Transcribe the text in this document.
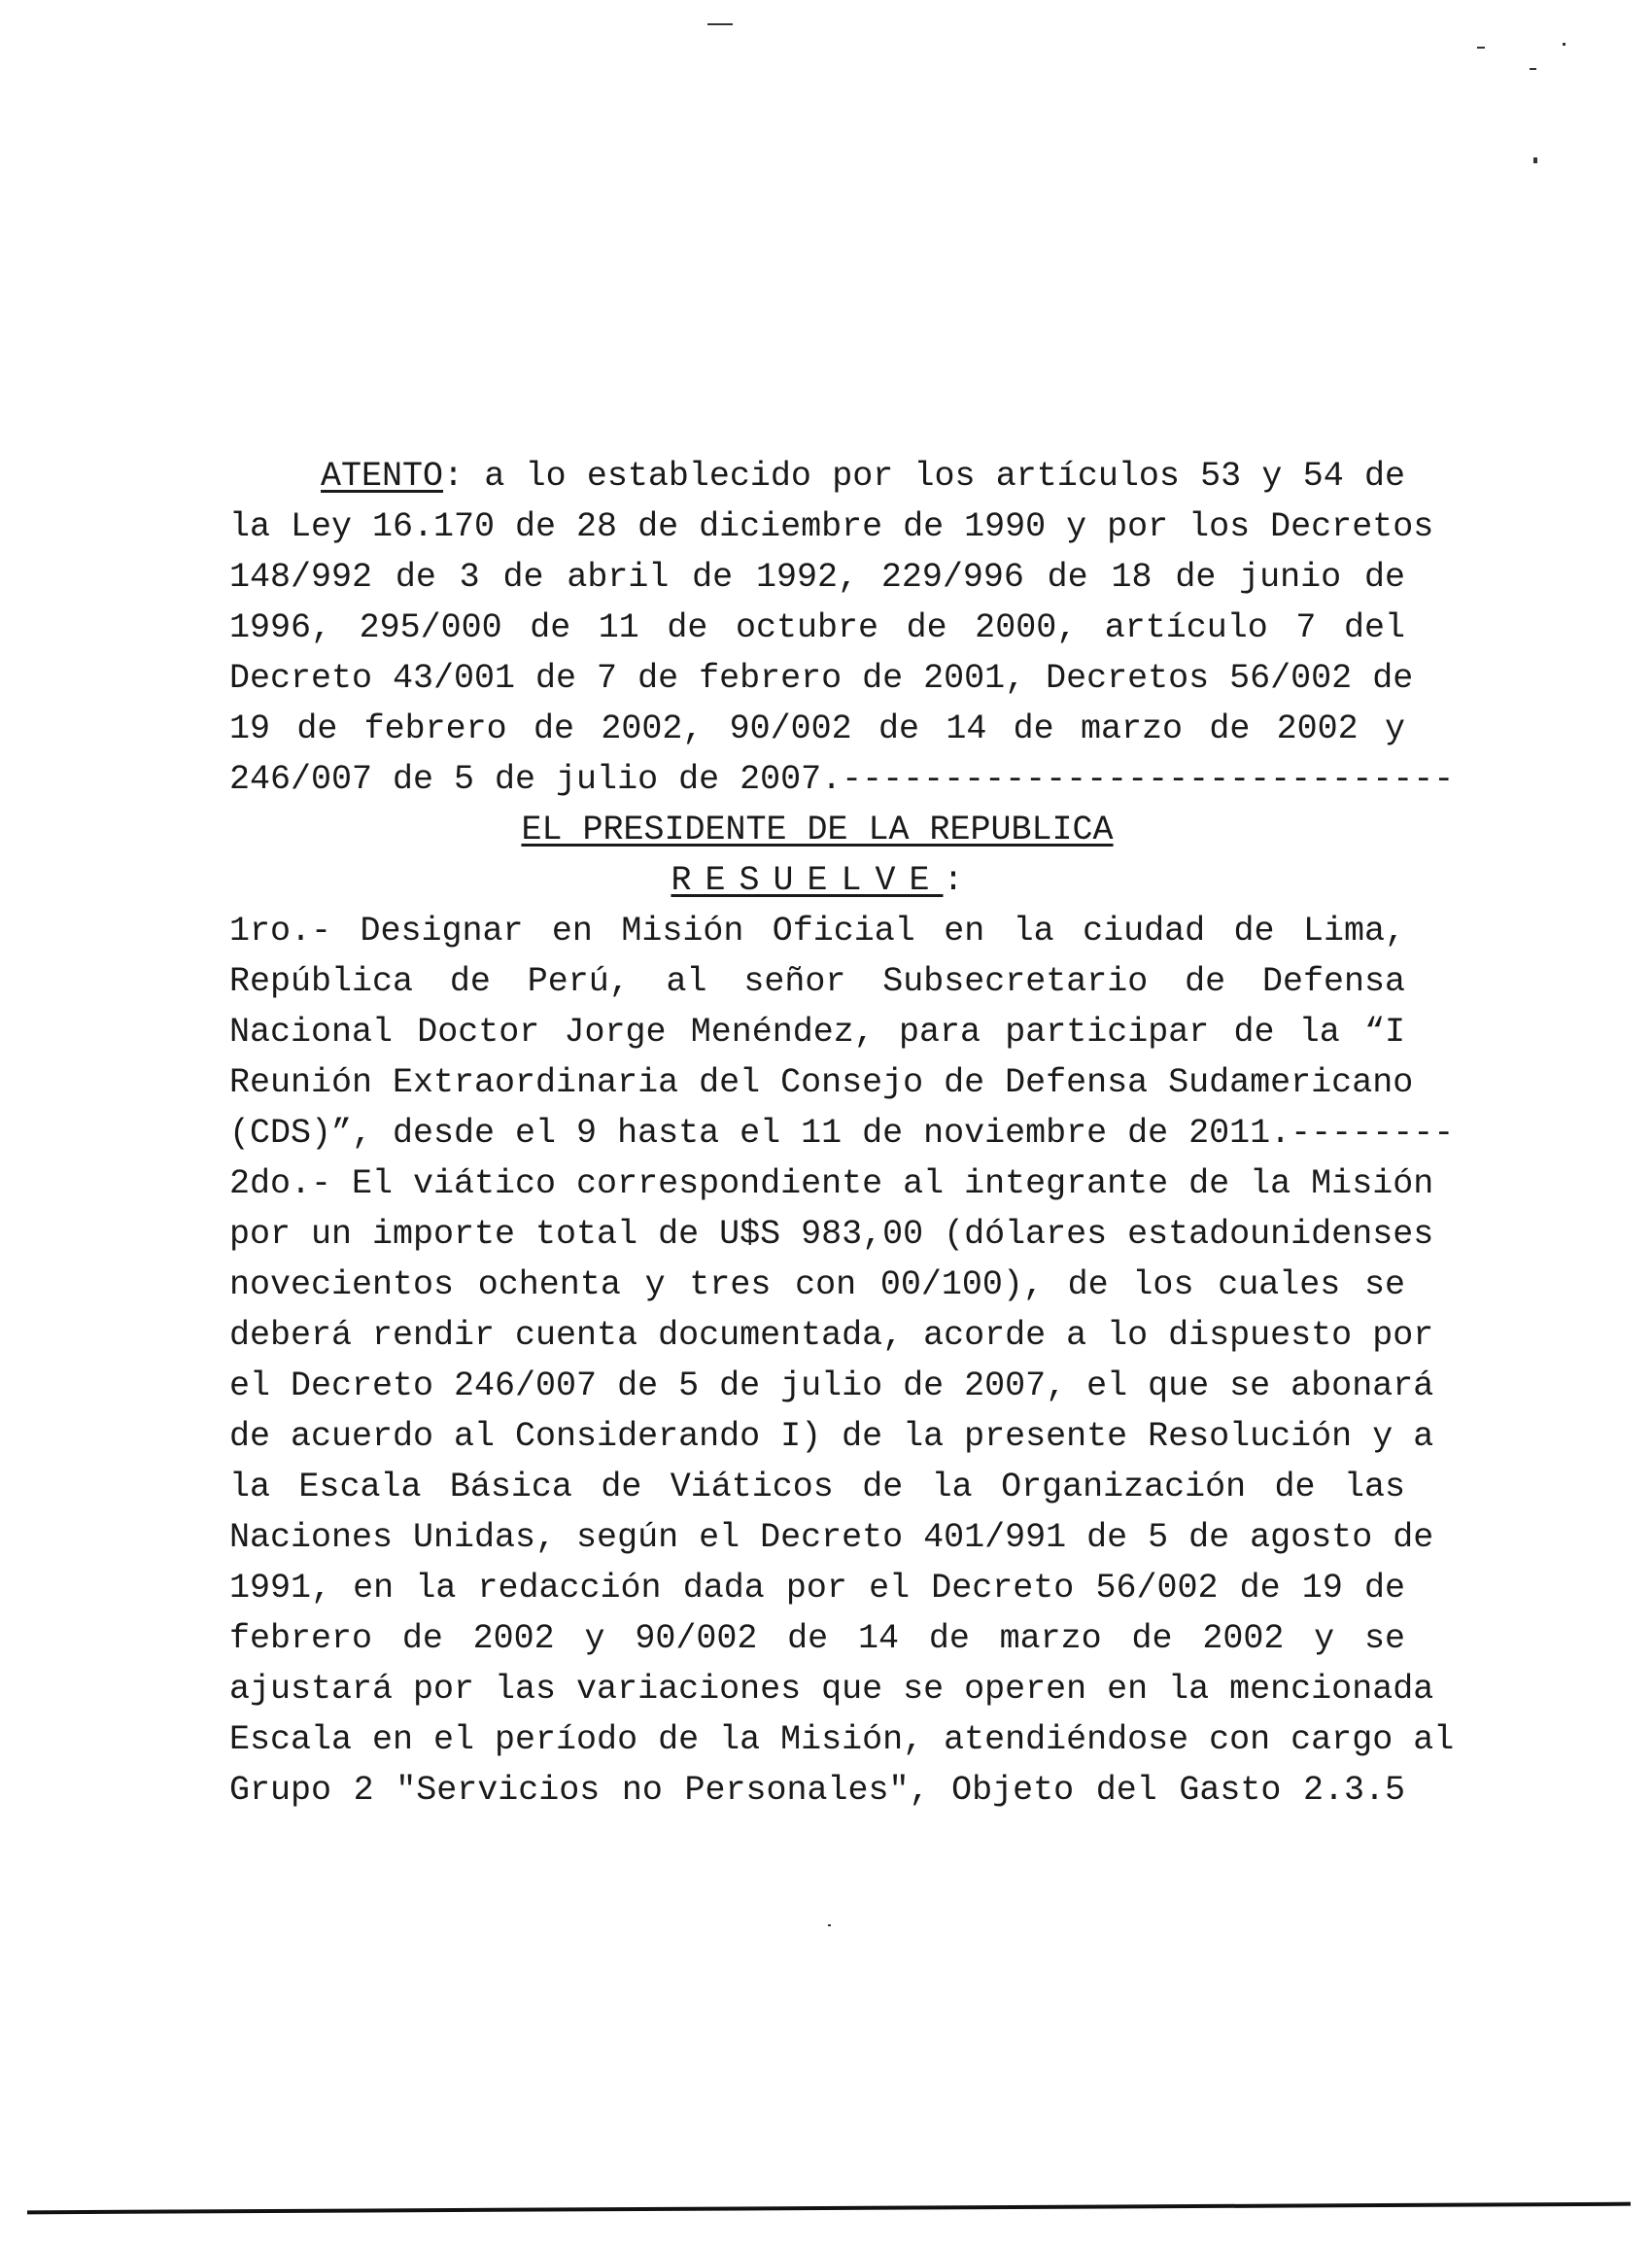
ATENTO: a lo establecido por los artículos 53 y 54 de
la Ley 16.170 de 28 de diciembre de 1990 y por los Decretos
148/992 de 3 de abril de 1992, 229/996 de 18 de junio de
1996, 295/000 de 11 de octubre de 2000, artículo 7 del
Decreto 43/001 de 7 de febrero de 2001, Decretos 56/002 de
19 de febrero de 2002, 90/002 de 14 de marzo de 2002 y
246/007 de 5 de julio de 2007.------------------------------
EL PRESIDENTE DE LA REPUBLICA
RESUELVE:
1ro.- Designar en Misión Oficial en la ciudad de Lima,
República de Perú, al señor Subsecretario de Defensa
Nacional Doctor Jorge Menéndez, para participar de la “I
Reunión Extraordinaria del Consejo de Defensa Sudamericano
(CDS)”, desde el 9 hasta el 11 de noviembre de 2011.--------
2do.- El viático correspondiente al integrante de la Misión
por un importe total de U$S 983,00 (dólares estadounidenses
novecientos ochenta y tres con 00/100), de los cuales se
deberá rendir cuenta documentada, acorde a lo dispuesto por
el Decreto 246/007 de 5 de julio de 2007, el que se abonará
de acuerdo al Considerando I) de la presente Resolución y a
la Escala Básica de Viáticos de la Organización de las
Naciones Unidas, según el Decreto 401/991 de 5 de agosto de
1991, en la redacción dada por el Decreto 56/002 de 19 de
febrero de 2002 y 90/002 de 14 de marzo de 2002 y se
ajustará por las variaciones que se operen en la mencionada
Escala en el período de la Misión, atendiéndose con cargo al
Grupo 2 "Servicios no Personales", Objeto del Gasto 2.3.5
